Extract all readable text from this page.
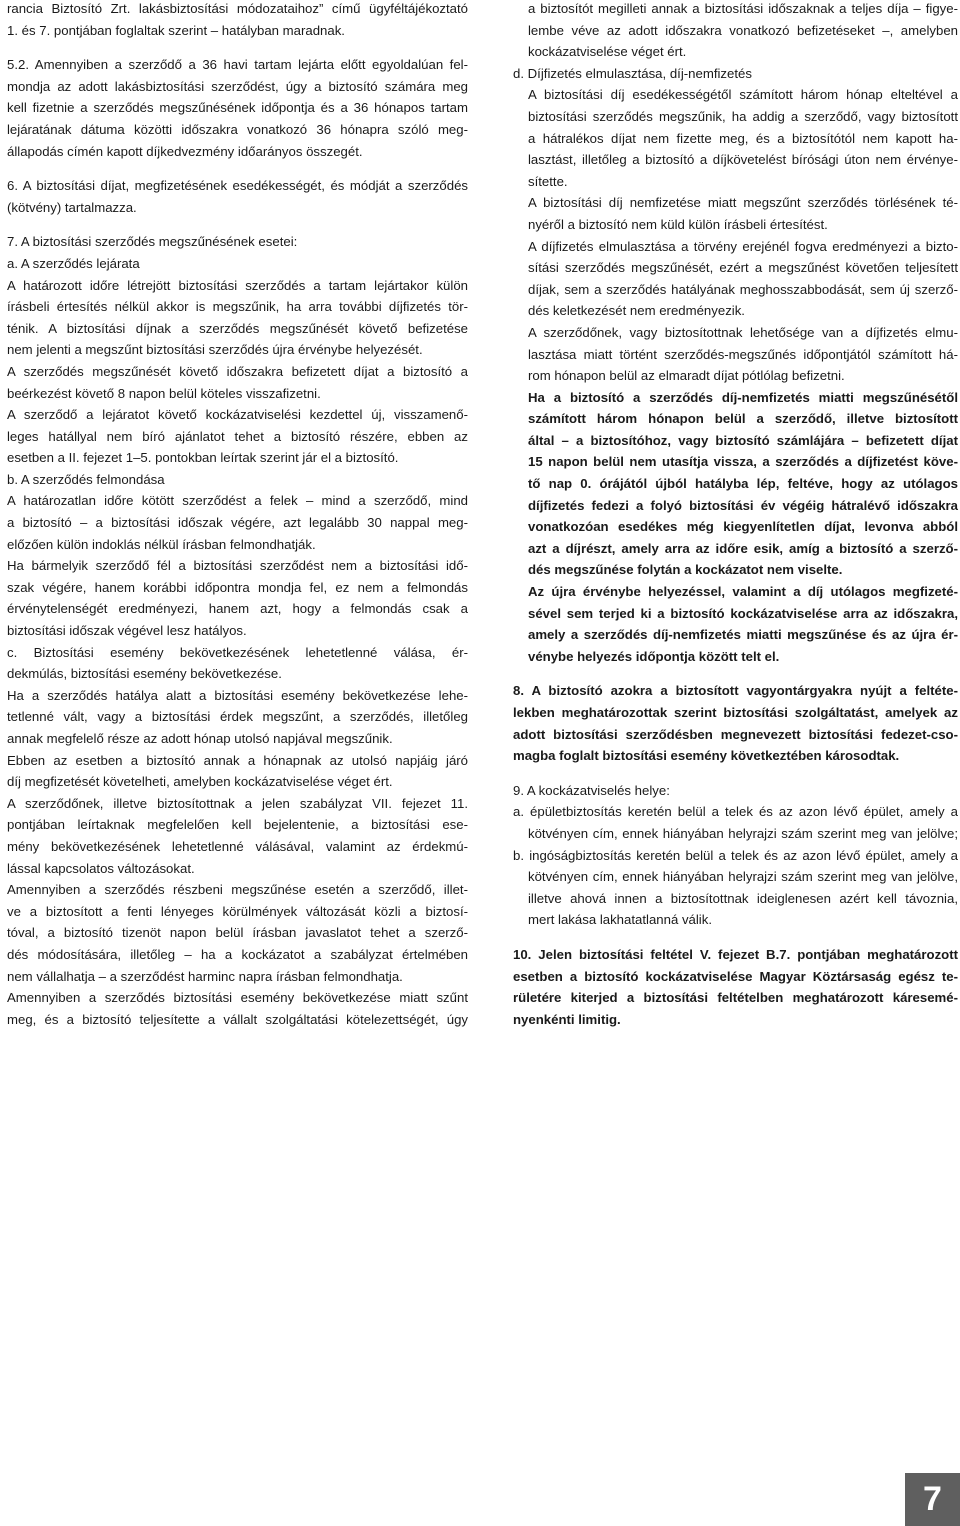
rancia Biztosító Zrt. lakásbiztosítási módozataihoz” című ügyféltájékoztató
1. és 7. pontjában foglaltak szerint – hatályban maradnak.
5.2. Amennyiben a szerződő a 36 havi tartam lejárta előtt egyoldalúan fel-
mondja az adott lakásbiztosítási szerződést, úgy a biztosító számára meg
kell fizetnie a szerződés megszűnésének időpontja és a 36 hónapos tartam
lejáratának dátuma közötti időszakra vonatkozó 36 hónapra szóló meg-
állapodás címén kapott díjkedvezmény időarányos összegét.
6. A biztosítási díjat, megfizetésének esedékességét, és módját a szerződés
(kötvény) tartalmazza.
7. A biztosítási szerződés megszűnésének esetei:
a. A szerződés lejárata
A határozott időre létrejött biztosítási szerződés a tartam lejártakor külön
írásbeli értesítés nélkül akkor is megszűnik, ha arra további díjfizetés tör-
ténik. A biztosítási díjnak a szerződés megszűnését követő befizetése
nem jelenti a megszűnt biztosítási szerződés újra érvénybe helyezését.
A szerződés megszűnését követő időszakra befizetett díjat a biztosító a
beérkezést követő 8 napon belül köteles visszafizetni.
A szerződő a lejáratot követő kockázatviselési kezdettel új, visszamenő-
leges hatállyal nem bíró ajánlatot tehet a biztosító részére, ebben az
esetben a II. fejezet 1–5. pontokban leírtak szerint jár el a biztosító.
b. A szerződés felmondása
A határozatlan időre kötött szerződést a felek – mind a szerződő, mind
a biztosító – a biztosítási időszak végére, azt legalább 30 nappal meg-
előzően külön indoklás nélkül írásban felmondhatják.
Ha bármelyik szerződő fél a biztosítási szerződést nem a biztosítási idő-
szak végére, hanem korábbi időpontra mondja fel, ez nem a felmondás
érvénytelenségét eredményezi, hanem azt, hogy a felmondás csak a
biztosítási időszak végével lesz hatályos.
c. Biztosítási esemény bekövetkezésének lehetetlenné válása, ér-
dekmúlás, biztosítási esemény bekövetkezése.
Ha a szerződés hatálya alatt a biztosítási esemény bekövetkezése lehe-
tetlenné vált, vagy a biztosítási érdek megszűnt, a szerződés, illetőleg
annak megfelelő része az adott hónap utolsó napjával megszűnik.
Ebben az esetben a biztosító annak a hónapnak az utolsó napjáig járó
díj megfizetését követelheti, amelyben kockázatviselése véget ért.
A szerződőnek, illetve biztosítottnak a jelen szabályzat VII. fejezet 11.
pontjában leírtaknak megfelelően kell bejelentenie, a biztosítási ese-
mény bekövetkezésének lehetetlenné válásával, valamint az érdekmú-
lással kapcsolatos változásokat.
Amennyiben a szerződés részbeni megszűnése esetén a szerződő, illet-
ve a biztosított a fenti lényeges körülmények változását közli a biztosí-
tóval, a biztosító tizenöt napon belül írásban javaslatot tehet a szerző-
dés módosítására, illetőleg – ha a kockázatot a szabályzat értelmében
nem vállalhatja – a szerződést harminc napra írásban felmondhatja.
Amennyiben a szerződés biztosítási esemény bekövetkezése miatt szűnt
meg, és a biztosító teljesítette a vállalt szolgáltatási kötelezettségét, úgy
a biztosítót megilleti annak a biztosítási időszaknak a teljes díja – figye-
lembe véve az adott időszakra vonatkozó befizetéseket –, amelyben
kockázatviselése véget ért.
d. Díjfizetés elmulasztása, díj-nemfizetés
A biztosítási díj esedékességétől számított három hónap elteltével a
biztosítási szerződés megszűnik, ha addig a szerződő, vagy biztosított
a hátralékos díjat nem fizette meg, és a biztosítótól nem kapott ha-
lasztást, illetőleg a biztosító a díjkövetelést bírósági úton nem érvénye-
sítette.
A biztosítási díj nemfizetése miatt megszűnt szerződés törlésének té-
nyéről a biztosító nem küld külön írásbeli értesítést.
A díjfizetés elmulasztása a törvény erejénél fogva eredményezi a bizto-
sítási szerződés megszűnését, ezért a megszűnést követően teljesített
díjak, sem a szerződés hatályának meghosszabbodását, sem új szerző-
dés keletkezését nem eredményezik.
A szerződőnek, vagy biztosítottnak lehetősége van a díjfizetés elmu-
lasztása miatt történt szerződés-megszűnés időpontjától számított há-
rom hónapon belül az elmaradt díjat pótlólag befizetni.
Ha a biztosító a szerződés díj-nemfizetés miatti megszűnésétől
számított három hónapon belül a szerződő, illetve biztosított
által – a biztosítóhoz, vagy biztosító számlájára – befizetett díjat
15 napon belül nem utasítja vissza, a szerződés a díjfizetést köve-
tő nap 0. órájától újból hatályba lép, feltéve, hogy az utólagos
díjfizetés fedezi a folyó biztosítási év végéig hátralévő időszakra
vonatkozóan esedékes még kiegyenlítetlen díjat, levonva abból
azt a díjrészt, amely arra az időre esik, amíg a biztosító a szerző-
dés megszűnése folytán a kockázatot nem viselte.
Az újra érvénybe helyezéssel, valamint a díj utólagos megfizeté-
sével sem terjed ki a biztosító kockázatviselése arra az időszakra,
amely a szerződés díj-nemfizetés miatti megszűnése és az újra ér-
vénybe helyezés időpontja között telt el.
8. A biztosító azokra a biztosított vagyontárgyakra nyújt a feltéte-
lekben meghatározottak szerint biztosítási szolgáltatást, amelyek az
adott biztosítási szerződésben megnevezett biztosítási fedezet-cso-
magba foglalt biztosítási esemény következtében károsodtak.
9. A kockázatviselés helye:
a. épületbiztosítás keretén belül a telek és az azon lévő épület, amely a
kötvényen cím, ennek hiányában helyrajzi szám szerint meg van jelölve;
b. ingóságbiztosítás keretén belül a telek és az azon lévő épület, amely a
kötvényen cím, ennek hiányában helyrajzi szám szerint meg van jelölve,
illetve ahová innen a biztosítottnak ideiglenesen azért kell távoznia,
mert lakása lakhatatlanná válik.
10. Jelen biztosítási feltétel V. fejezet B.7. pontjában meghatározott
esetben a biztosító kockázatviselése Magyar Köztársaság egész te-
rületére kiterjed a biztosítási feltételben meghatározott káresemé-
nyenkénti limitig.
7
